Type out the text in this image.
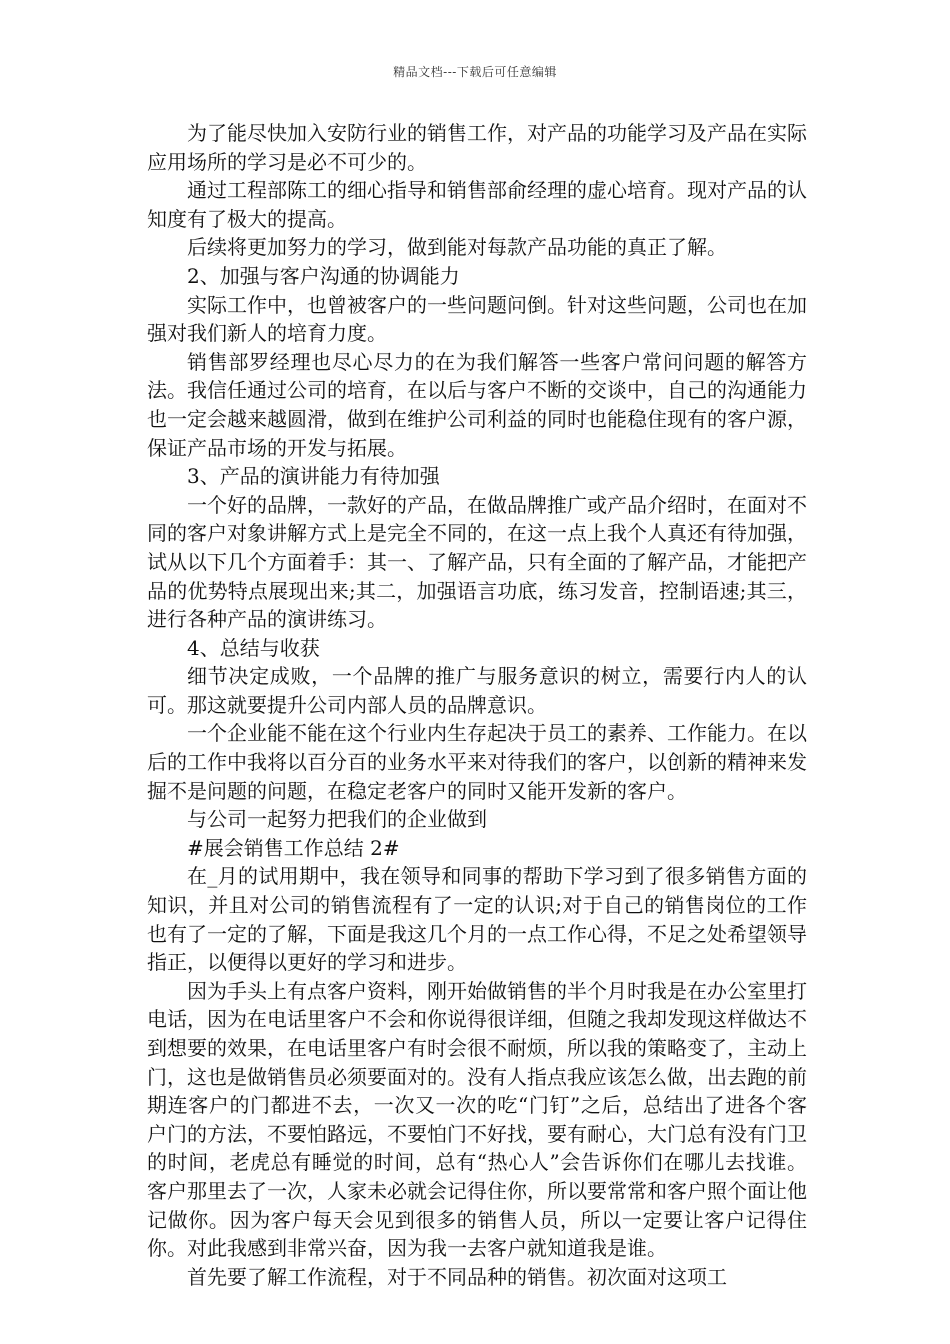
精品文档---下载后可任意编辑

为了能尽快加入安防行业的销售工作，对产品的功能学习及产品在实际应用场所的学习是必不可少的。

通过工程部陈工的细心指导和销售部俞经理的虚心培育。现对产品的认知度有了极大的提高。

后续将更加努力的学习，做到能对每款产品功能的真正了解。

2、加强与客户沟通的协调能力

实际工作中，也曾被客户的一些问题问倒。针对这些问题，公司也在加强对我们新人的培育力度。

销售部罗经理也尽心尽力的在为我们解答一些客户常问问题的解答方法。我信任通过公司的培育，在以后与客户不断的交谈中，自己的沟通能力也一定会越来越圆滑，做到在维护公司利益的同时也能稳住现有的客户源，保证产品市场的开发与拓展。

3、产品的演讲能力有待加强

一个好的品牌，一款好的产品，在做品牌推广或产品介绍时，在面对不同的客户对象讲解方式上是完全不同的，在这一点上我个人真还有待加强，试从以下几个方面着手：其一、了解产品，只有全面的了解产品，才能把产品的优势特点展现出来;其二，加强语言功底，练习发音，控制语速;其三，进行各种产品的演讲练习。

4、总结与收获

细节决定成败，一个品牌的推广与服务意识的树立，需要行内人的认可。那这就要提升公司内部人员的品牌意识。

一个企业能不能在这个行业内生存起决于员工的素养、工作能力。在以后的工作中我将以百分百的业务水平来对待我们的客户，以创新的精神来发掘不是问题的问题，在稳定老客户的同时又能开发新的客户。

与公司一起努力把我们的企业做到

#展会销售工作总结 2#

在_月的试用期中，我在领导和同事的帮助下学习到了很多销售方面的知识，并且对公司的销售流程有了一定的认识;对于自己的销售岗位的工作也有了一定的了解，下面是我这几个月的一点工作心得，不足之处希望领导指正，以便得以更好的学习和进步。

因为手头上有点客户资料，刚开始做销售的半个月时我是在办公室里打电话，因为在电话里客户不会和你说得很详细，但随之我却发现这样做达不到想要的效果，在电话里客户有时会很不耐烦，所以我的策略变了，主动上门，这也是做销售员必须要面对的。没有人指点我应该怎么做，出去跑的前期连客户的门都进不去，一次又一次的吃“门钉”之后，总结出了进各个客户门的方法，不要怕路远，不要怕门不好找，要有耐心，大门总有没有门卫的时间，老虎总有睡觉的时间，总有“热心人”会告诉你们在哪儿去找谁。客户那里去了一次，人家未必就会记得住你，所以要常常和客户照个面让他记做你。因为客户每天会见到很多的销售人员，所以一定要让客户记得住你。对此我感到非常兴奋，因为我一去客户就知道我是谁。

首先要了解工作流程，对于不同品种的销售。初次面对这项工
